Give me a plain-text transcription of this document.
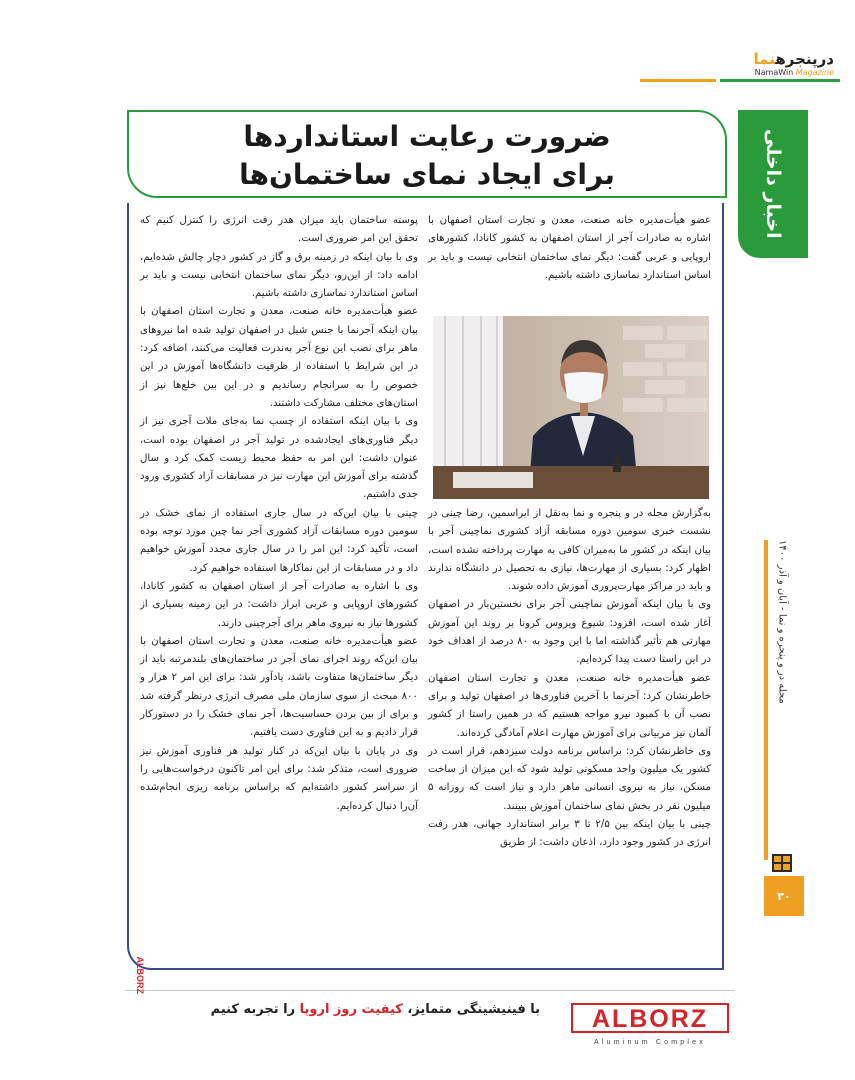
درپنجرهنما
NamaWin Magazine
اخبار داخلی
ضرورت رعایت استانداردها
برای ایجاد نمای ساختمان‌ها

عضو هیأت‌مدیره خانه صنعت، معدن و تجارت استان اصفهان با اشاره به صادرات آجر از استان اصفهان به کشور کانادا، کشورهای اروپایی و عربی گفت: دیگر نمای ساختمان انتخابی نیست و باید بر اساس استاندارد نماسازی داشته باشیم.

به‌گزارش مجله در و پنجره و نما به‌نقل از ایراسمین، رضا چینی در نشست خبری سومین دوره مسابقه آزاد کشوری نماچینی آجر با بیان اینکه در کشور ما به‌میزان کافی به مهارت پرداخته نشده است، اظهار کرد: بسیاری از مهارت‌ها، نیازی به تحصیل در دانشگاه ندارند و باید در مراکز مهارت‌پروری آموزش داده شوند.

وی با بیان اینکه آموزش نماچینی آجر برای نخستین‌بار در اصفهان آغاز شده است، افزود: شیوع ویروس کرونا بر روند این آموزش مهارتی هم تأثیر گذاشته اما با این وجود به ۸۰ درصد از اهداف خود در این راستا دست پیدا کرده‌ایم.

عضو هیأت‌مدیره خانه صنعت، معدن و تجارت استان اصفهان خاطرنشان کرد: آجرنما با آخرین فناوری‌ها در اصفهان تولید و برای نصب آن با کمبود نیرو مواجه هستیم که در همین راستا از کشور آلمان نیز مربیانی برای آموزش مهارت اعلام آمادگی کرده‌اند.

وی خاطرنشان کرد: براساس برنامه دولت سیزدهم، قرار است در کشور یک میلیون واحد مسکونی تولید شود که این میزان از ساخت مسکن، نیاز به نیروی انسانی ماهر دارد و نیاز است که روزانه ۵ میلیون نفر در بخش نمای ساختمان آموزش ببینند.

چینی با بیان اینکه بین ۲/۵ تا ۳ برابر استاندارد جهانی، هدر رفت انرژی در کشور وجود دارد، اذعان داشت: از طریق

پوسته ساختمان باید میزان هدر رفت انرژی را کنترل کنیم که تحقق این امر ضروری است.

وی با بیان اینکه در زمینه برق و گاز در کشور دچار چالش شده‌ایم، ادامه داد: از این‌رو، دیگر نمای ساختمان انتخابی نیست و باید بر اساس استاندارد نماسازی داشته باشیم.

عضو هیأت‌مدیره خانه صنعت، معدن و تجارت استان اصفهان با بیان اینکه آجرنما با جنس شیل در اصفهان تولید شده اما نیروهای ماهر برای نصب این نوع آجر به‌ندرت فعالیت می‌کنند، اضافه کرد: در این شرایط با استفاده از ظرفیت دانشگاه‌ها آموزش در این خصوص را به سرانجام رساندیم و در این بین خلع‌ها نیز از استان‌های مختلف مشارکت داشتند.

وی با بیان اینکه استفاده از چسب نما به‌جای ملات آجری نیز از دیگر فناوری‌های ایجادشده در تولید آجر در اصفهان بوده است، عنوان داشت: این امر به حفظ محیط زیست کمک کرد و سال گذشته برای آموزش این مهارت نیز در مسابقات آزاد کشوری ورود جدی داشتیم.

چینی با بیان این‌که در سال جاری استفاده از نمای خشک در سومین دوره مسابقات آزاد کشوری آجر نما چین مورد توجه بوده است، تأکید کرد: این امر را در سال جاری مجدد آموزش خواهیم داد و در مسابقات از این نماکارها استفاده خواهیم کرد.

وی با اشاره به صادرات آجر از استان اصفهان به کشور کانادا، کشورهای اروپایی و عربی ابراز داشت: در این زمینه بسیاری از کشورها نیاز به نیروی ماهر برای آجرچینی دارند.

عضو هیأت‌مدیره خانه صنعت، معدن و تجارت استان اصفهان با بیان این‌که روند اجرای نمای آجر در ساختمان‌های بلندمرتبه باید از دیگر ساختمان‌ها متفاوت باشد، یادآور شد: برای این امر ۲ هزار و ۸۰۰ مبحث از سوی سازمان ملی مصرف انرژی درنظر گرفته شد و برای از بین بردن حساسیت‌ها، آجر نمای خشک را در دستورکار قرار دادیم و به این فناوری دست یافتیم.

وی در پایان با بیان این‌که در کنار تولید هر فناوری آموزش نیز ضروری است، متذکر شد: برای این امر تاکنون درخواست‌هایی را از سراسر کشور داشته‌ایم که براساس برنامه ریزی انجام‌شده آن‌را دنبال کرده‌ایم.

مجله در و پنجره و نما - آبان و آذر ۱۴۰۰
۳۰
ALBORZ
Aluminum Complex
با فینیشینگی متمایز، کیفیت روز اروپا را تجربه کنیم
ALBORZ
